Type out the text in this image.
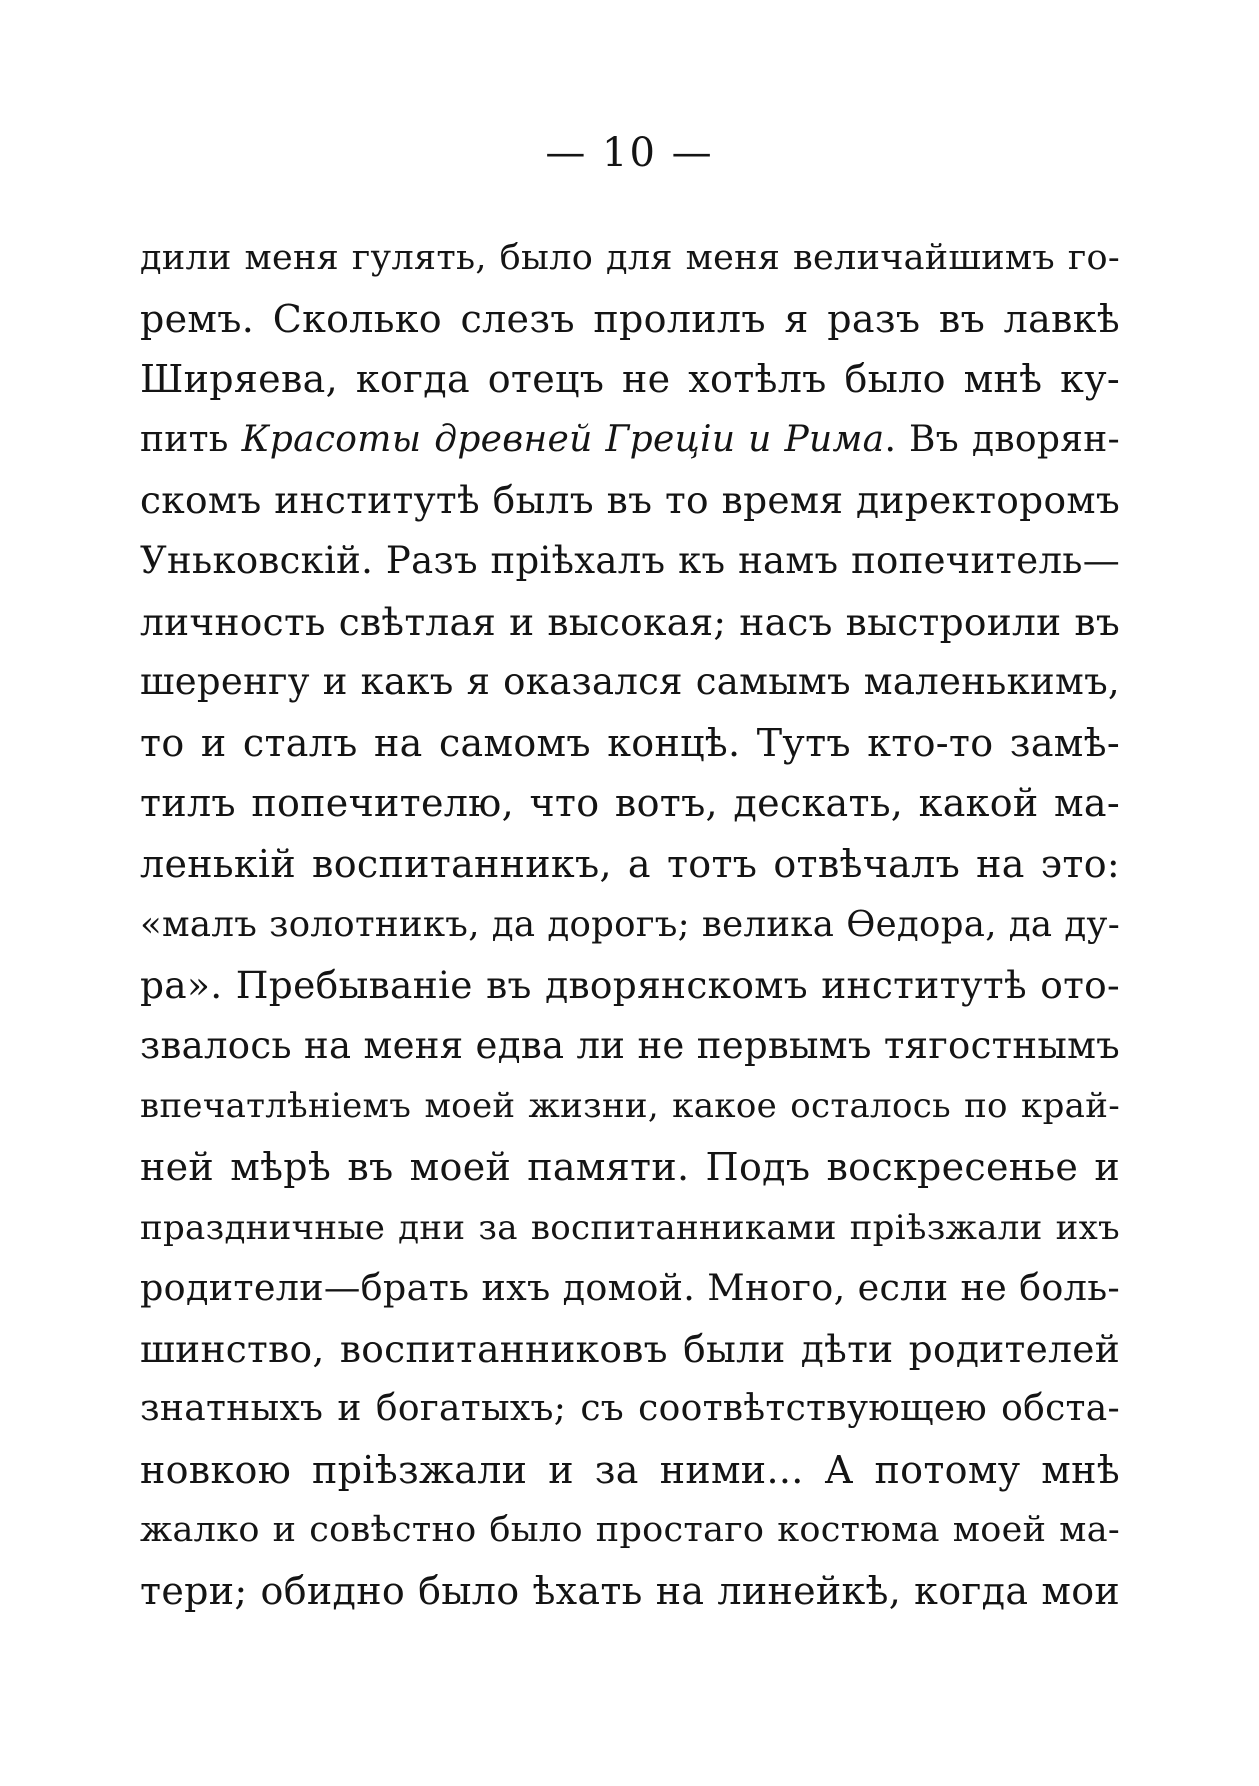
— 10 —
дили меня гулять, было для меня величайшимъ го-
ремъ. Сколько слезъ пролилъ я разъ въ лавкѣ
Ширяева, когда отецъ не хотѣлъ было мнѣ ку-
пить Красоты древней Греціи и Рима. Въ дворян-
скомъ институтѣ былъ въ то время директоромъ
Уньковскій. Разъ пріѣхалъ къ намъ попечитель—
личность свѣтлая и высокая; насъ выстроили въ
шеренгу и какъ я оказался самымъ маленькимъ,
то и сталъ на самомъ концѣ. Тутъ кто-то замѣ-
тилъ попечителю, что вотъ, дескать, какой ма-
ленькій воспитанникъ, а тотъ отвѣчалъ на это:
«малъ золотникъ, да дорогъ; велика Ѳедора, да ду-
ра». Пребываніе въ дворянскомъ институтѣ ото-
звалось на меня едва ли не первымъ тягостнымъ
впечатлѣніемъ моей жизни, какое осталось по край-
ней мѣрѣ въ моей памяти. Подъ воскресенье и
праздничные дни за воспитанниками пріѣзжали ихъ
родители—брать ихъ домой. Много, если не боль-
шинство, воспитанниковъ были дѣти родителей
знатныхъ и богатыхъ; съ соотвѣтствующею обста-
новкою пріѣзжали и за ними... А потому мнѣ
жалко и совѣстно было простаго костюма моей ма-
тери; обидно было ѣхать на линейкѣ, когда мои
